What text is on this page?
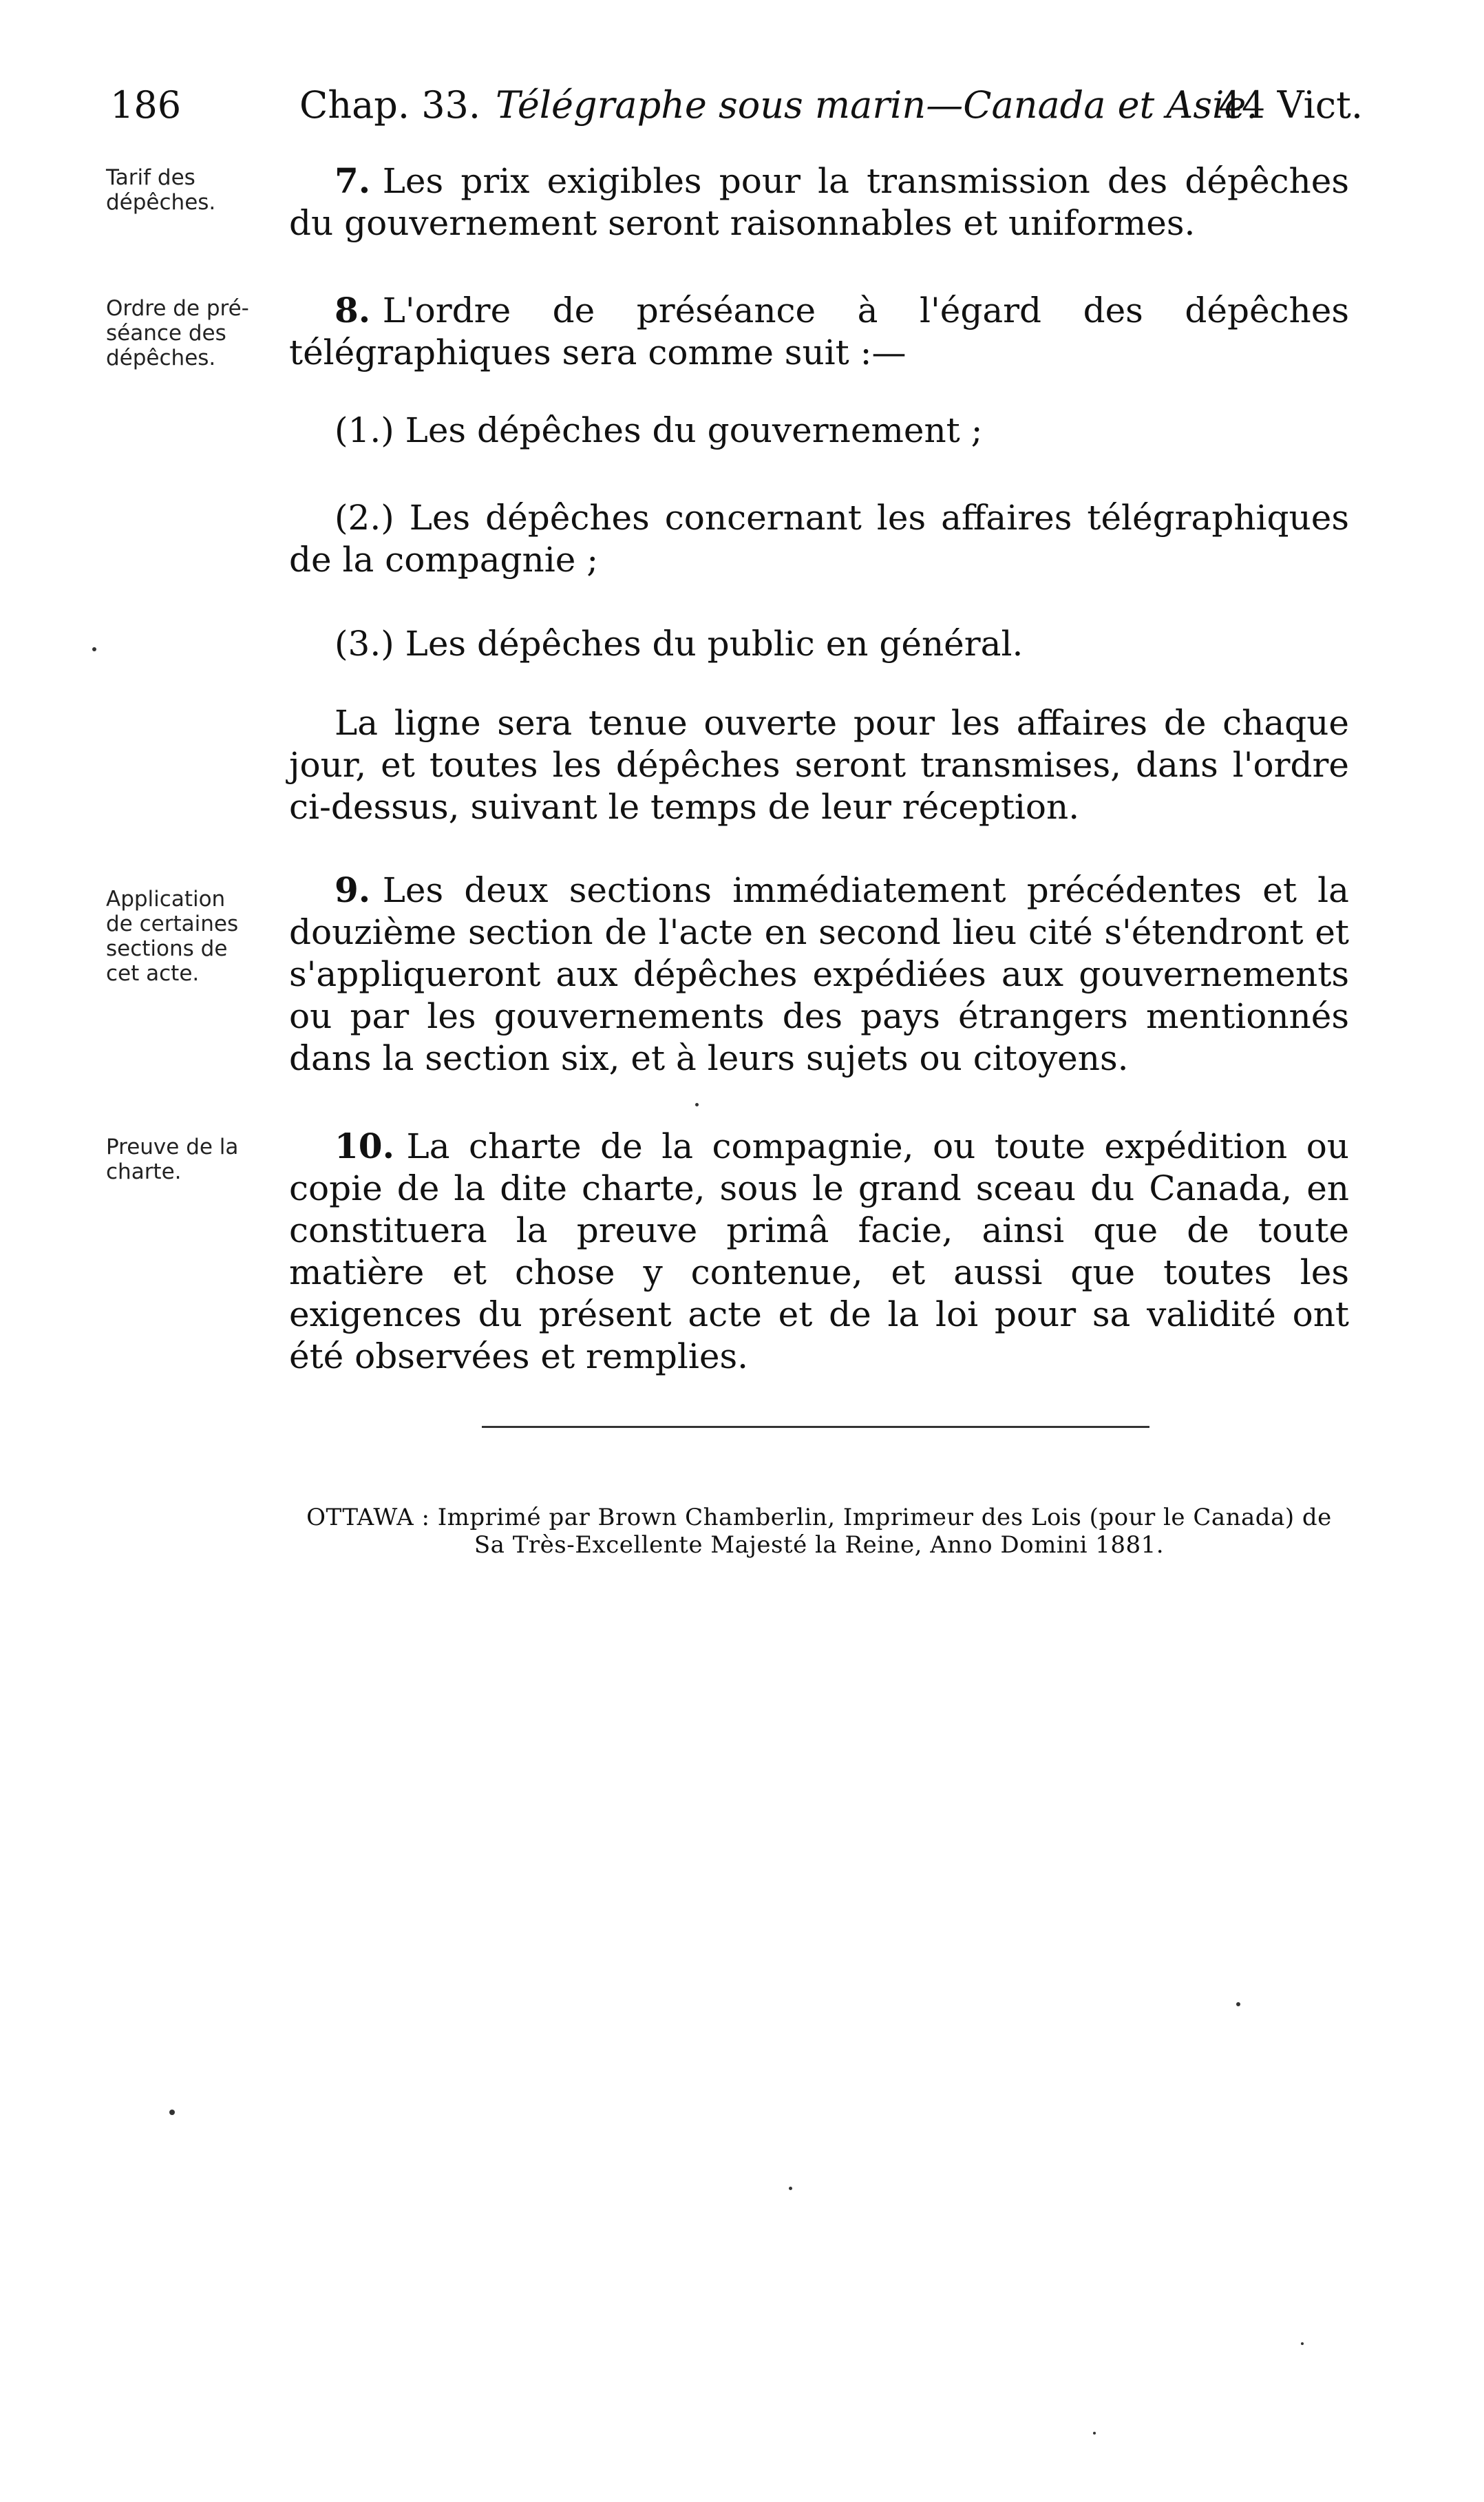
186	Chap. 33. Télégraphe sous marin—Canada et Asie.
44 Vict.
Tarif des
dépêches.
7. Les prix exigibles pour la transmission des dépêches du gouvernement seront raisonnables et uniformes.
Ordre de pré-
séance des
dépêches.
8. L'ordre de préséance à l'égard des dépêches télégraphiques sera comme suit :—
(1.) Les dépêches du gouvernement ;
(2.) Les dépêches concernant les affaires télégraphiques de la compagnie ;
(3.) Les dépêches du public en général.
La ligne sera tenue ouverte pour les affaires de chaque jour, et toutes les dépêches seront transmises, dans l'ordre ci-dessus, suivant le temps de leur réception.
Application
de certaines
sections de
cet acte.
9. Les deux sections immédiatement précédentes et la douzième section de l'acte en second lieu cité s'étendront et s'appliqueront aux dépêches expédiées aux gouvernements ou par les gouvernements des pays étrangers mentionnés dans la section six, et à leurs sujets ou citoyens.
Preuve de la
charte.
10. La charte de la compagnie, ou toute expédition ou copie de la dite charte, sous le grand sceau du Canada, en constituera la preuve primâ facie, ainsi que de toute matière et chose y contenue, et aussi que toutes les exigences du présent acte et de la loi pour sa validité ont été observées et remplies.
OTTAWA : Imprimé par Brown Chamberlin, Imprimeur des Lois (pour le Canada) de Sa Très-Excellente Majesté la Reine, Anno Domini 1881.
